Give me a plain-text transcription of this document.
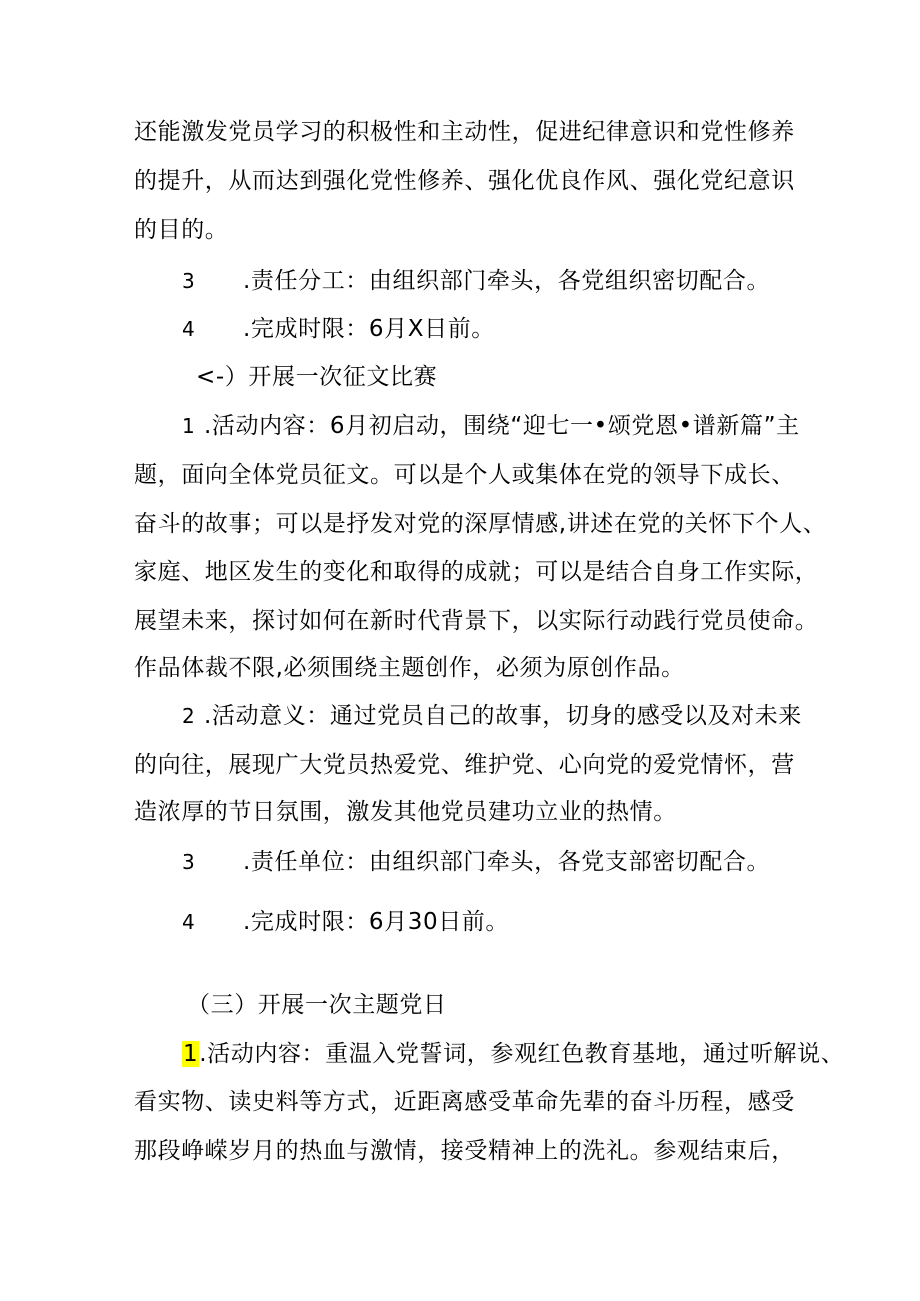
还能激发党员学习的积极性和主动性，促进纪律意识和党性修养
的提升，从而达到强化党性修养、强化优良作风、强化党纪意识
的目的。
3 .责任分工：由组织部门牵头，各党组织密切配合。
4 .完成时限：6月X日前。
<-）开展一次征文比赛
1 .活动内容：6月初启动，围绕“迎七一•颂党恩•谱新篇”主
题，面向全体党员征文。可以是个人或集体在党的领导下成长、
奋斗的故事；可以是抒发对党的深厚情感,讲述在党的关怀下个人、
家庭、地区发生的变化和取得的成就；可以是结合自身工作实际，
展望未来，探讨如何在新时代背景下，以实际行动践行党员使命。
作品体裁不限,必须围绕主题创作，必须为原创作品。
2 .活动意义：通过党员自己的故事，切身的感受以及对未来
的向往，展现广大党员热爱党、维护党、心向党的爱党情怀，营
造浓厚的节日氛围，激发其他党员建功立业的热情。
3 .责任单位：由组织部门牵头，各党支部密切配合。
4 .完成时限：6月30日前。
（三）开展一次主题党日
1.活动内容：重温入党誓词，参观红色教育基地，通过听解说、
看实物、读史料等方式，近距离感受革命先辈的奋斗历程，感受
那段峥嵘岁月的热血与激情，接受精神上的洗礼。参观结束后，
